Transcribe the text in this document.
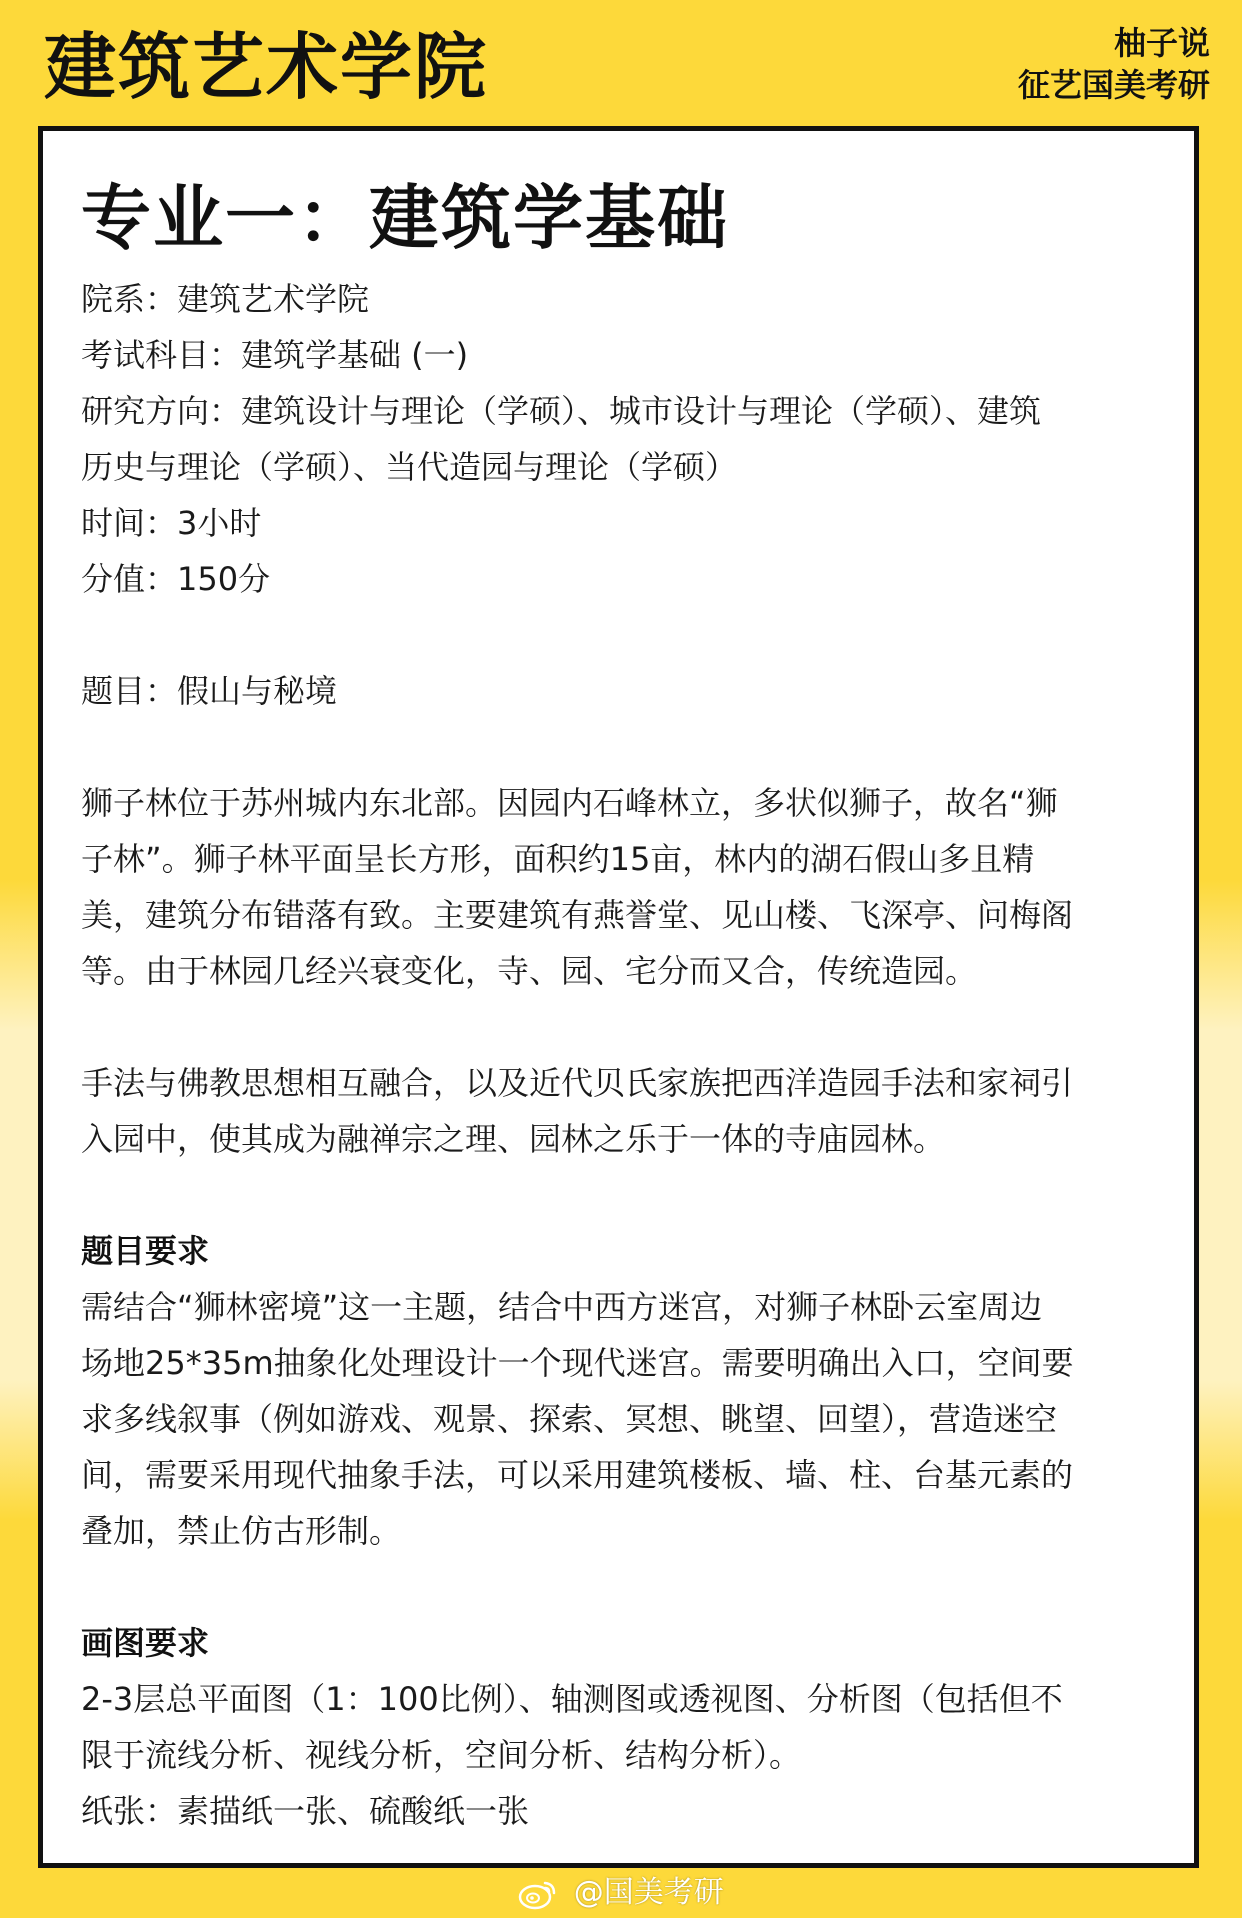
建筑艺术学院	柚子说
征艺国美考研
专业一：建筑学基础

院系：建筑艺术学院

考试科目：建筑学基础 (一)

研究方向：建筑设计与理论（学硕）、城市设计与理论（学硕）、建筑

历史与理论（学硕）、当代造园与理论（学硕）

时间：3小时

分值：150分

题目：假山与秘境

狮子林位于苏州城内东北部。因园内石峰林立，多状似狮子，故名“狮

子林”。狮子林平面呈长方形，面积约15亩，林内的湖石假山多且精

美，建筑分布错落有致。主要建筑有燕誉堂、见山楼、飞深亭、问梅阁

等。由于林园几经兴衰变化，寺、园、宅分而又合，传统造园。

手法与佛教思想相互融合，以及近代贝氏家族把西洋造园手法和家祠引

入园中，使其成为融禅宗之理、园林之乐于一体的寺庙园林。

题目要求

需结合“狮林密境”这一主题，结合中西方迷宫，对狮子林卧云室周边

场地25*35m抽象化处理设计一个现代迷宫。需要明确出入口，空间要

求多线叙事（例如游戏、观景、探索、冥想、眺望、回望），营造迷空

间，需要采用现代抽象手法，可以采用建筑楼板、墙、柱、台基元素的

叠加，禁止仿古形制。

画图要求

2-3层总平面图（1：100比例）、轴测图或透视图、分析图（包括但不

限于流线分析、视线分析，空间分析、结构分析）。

纸张：素描纸一张、硫酸纸一张

@国美考研
